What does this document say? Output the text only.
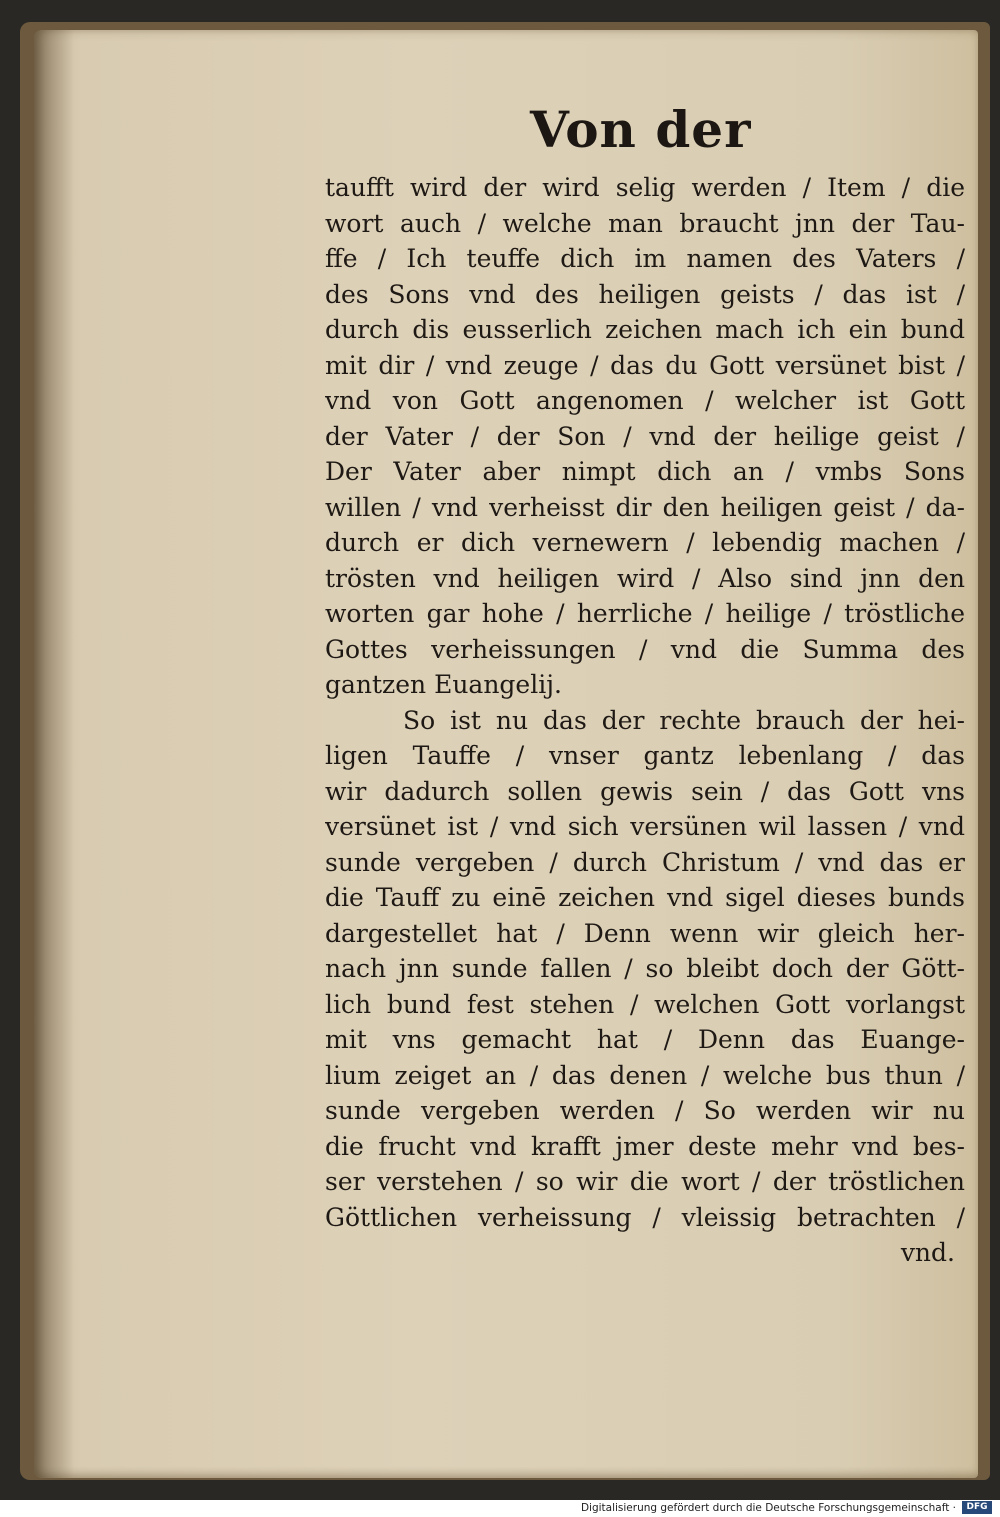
Von der
taufft wird der wird selig werden / Item / die
wort auch / welche man braucht jnn der Tau-
ffe / Ich teuffe dich im namen des Vaters /
des Sons vnd des heiligen geists / das ist /
durch dis eusserlich zeichen mach ich ein bund
mit dir / vnd zeuge / das du Gott versünet bist /
vnd von Gott angenomen / welcher ist Gott
der Vater / der Son / vnd der heilige geist /
Der Vater aber nimpt dich an / vmbs Sons
willen / vnd verheisst dir den heiligen geist / da-
durch er dich vernewern / lebendig machen /
trösten vnd heiligen wird / Also sind jnn den
worten gar hohe / herrliche / heilige / tröstliche
Gottes verheissungen / vnd die Summa des
gantzen Euangelij.
So ist nu das der rechte brauch der hei-
ligen Tauffe / vnser gantz lebenlang / das
wir dadurch sollen gewis sein / das Gott vns
versünet ist / vnd sich versünen wil lassen / vnd
sunde vergeben / durch Christum / vnd das er
die Tauff zu einē zeichen vnd sigel dieses bunds
dargestellet hat / Denn wenn wir gleich her-
nach jnn sunde fallen / so bleibt doch der Gött-
lich bund fest stehen / welchen Gott vorlangst
mit vns gemacht hat / Denn das Euange-
lium zeiget an / das denen / welche bus thun /
sunde vergeben werden / So werden wir nu
die frucht vnd krafft jmer deste mehr vnd bes-
ser verstehen / so wir die wort / der tröstlichen
Göttlichen verheissung / vleissig betrachten /
vnd.
Digitalisierung gefördert durch die Deutsche Forschungsgemeinschaft ·	DFG
